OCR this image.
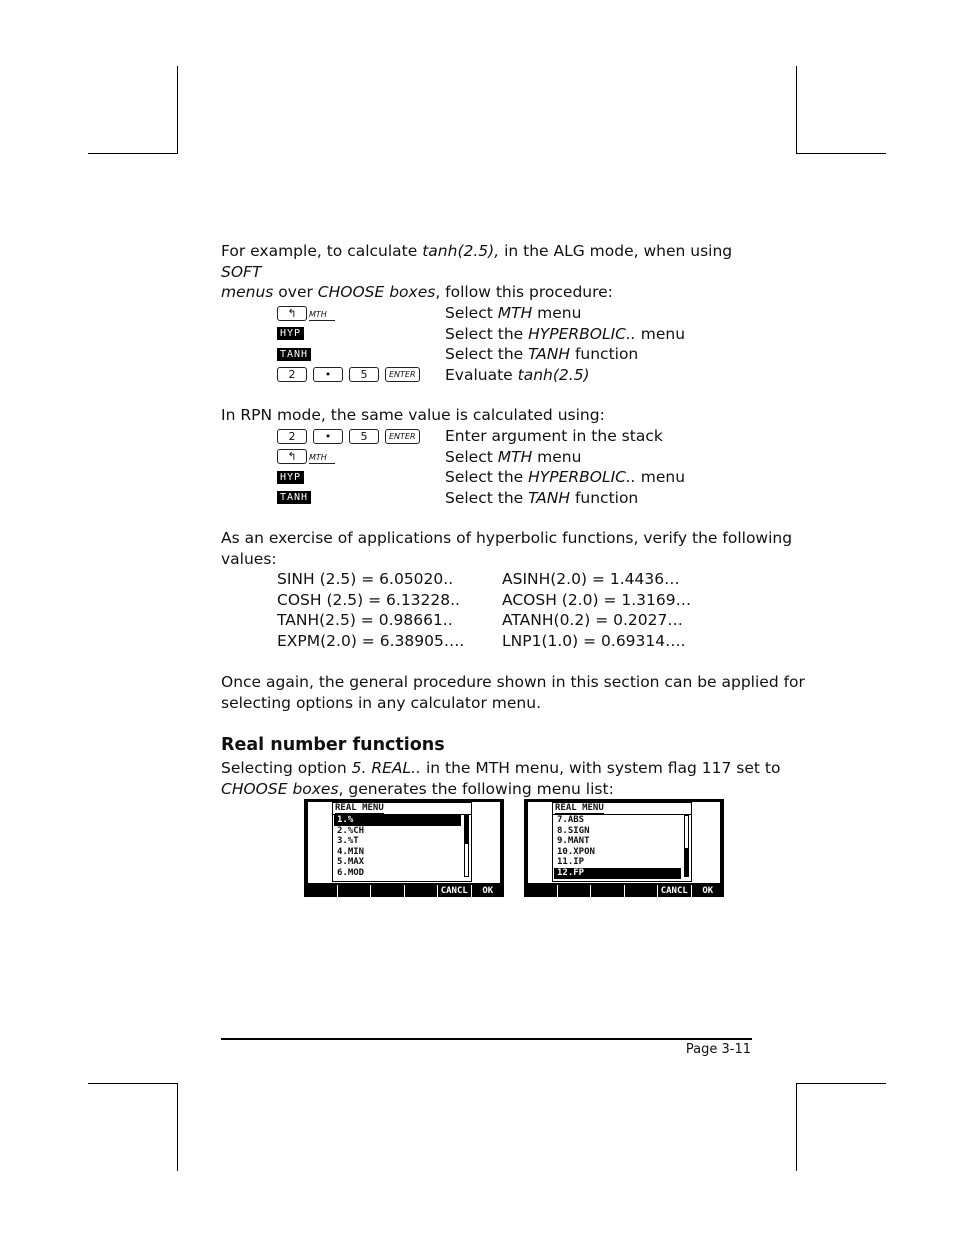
For example, to calculate tanh(2.5), in the ALG mode, when using SOFT
menus over CHOOSE boxes, follow this procedure:
↰	MTH	Select MTH menu
HYP	Select the HYPERBOLIC.. menu
TANH	Select the TANH function
2	•	5	ENTER Evaluate tanh(2.5)
In RPN mode, the same value is calculated using:
2	•	5	ENTER Enter argument in the stack
↰	MTH	Select MTH menu
HYP	Select the HYPERBOLIC.. menu
TANH	Select the TANH function
As an exercise of applications of hyperbolic functions, verify the following
values:
SINH (2.5) = 6.05020..	ASINH(2.0) = 1.4436…
COSH (2.5) = 6.13228..	ACOSH (2.0) = 1.3169…
TANH(2.5) = 0.98661..	ATANH(0.2) = 0.2027…
EXPM(2.0) = 6.38905…. LNP1(1.0) = 0.69314….
Once again, the general procedure shown in this section can be applied for
selecting options in any calculator menu.
Real number functions
Selecting option 5. REAL.. in the MTH menu, with system flag 117 set to
CHOOSE boxes, generates the following menu list:
REAL MENU
1.%
2.%CH
3.%T
4.MIN
5.MAX
6.MOD
CANCL	OK
REAL MENU
7.ABS
8.SIGN
9.MANT
10.XPON
11.IP
12.FP
CANCL	OK
Page 3-11
